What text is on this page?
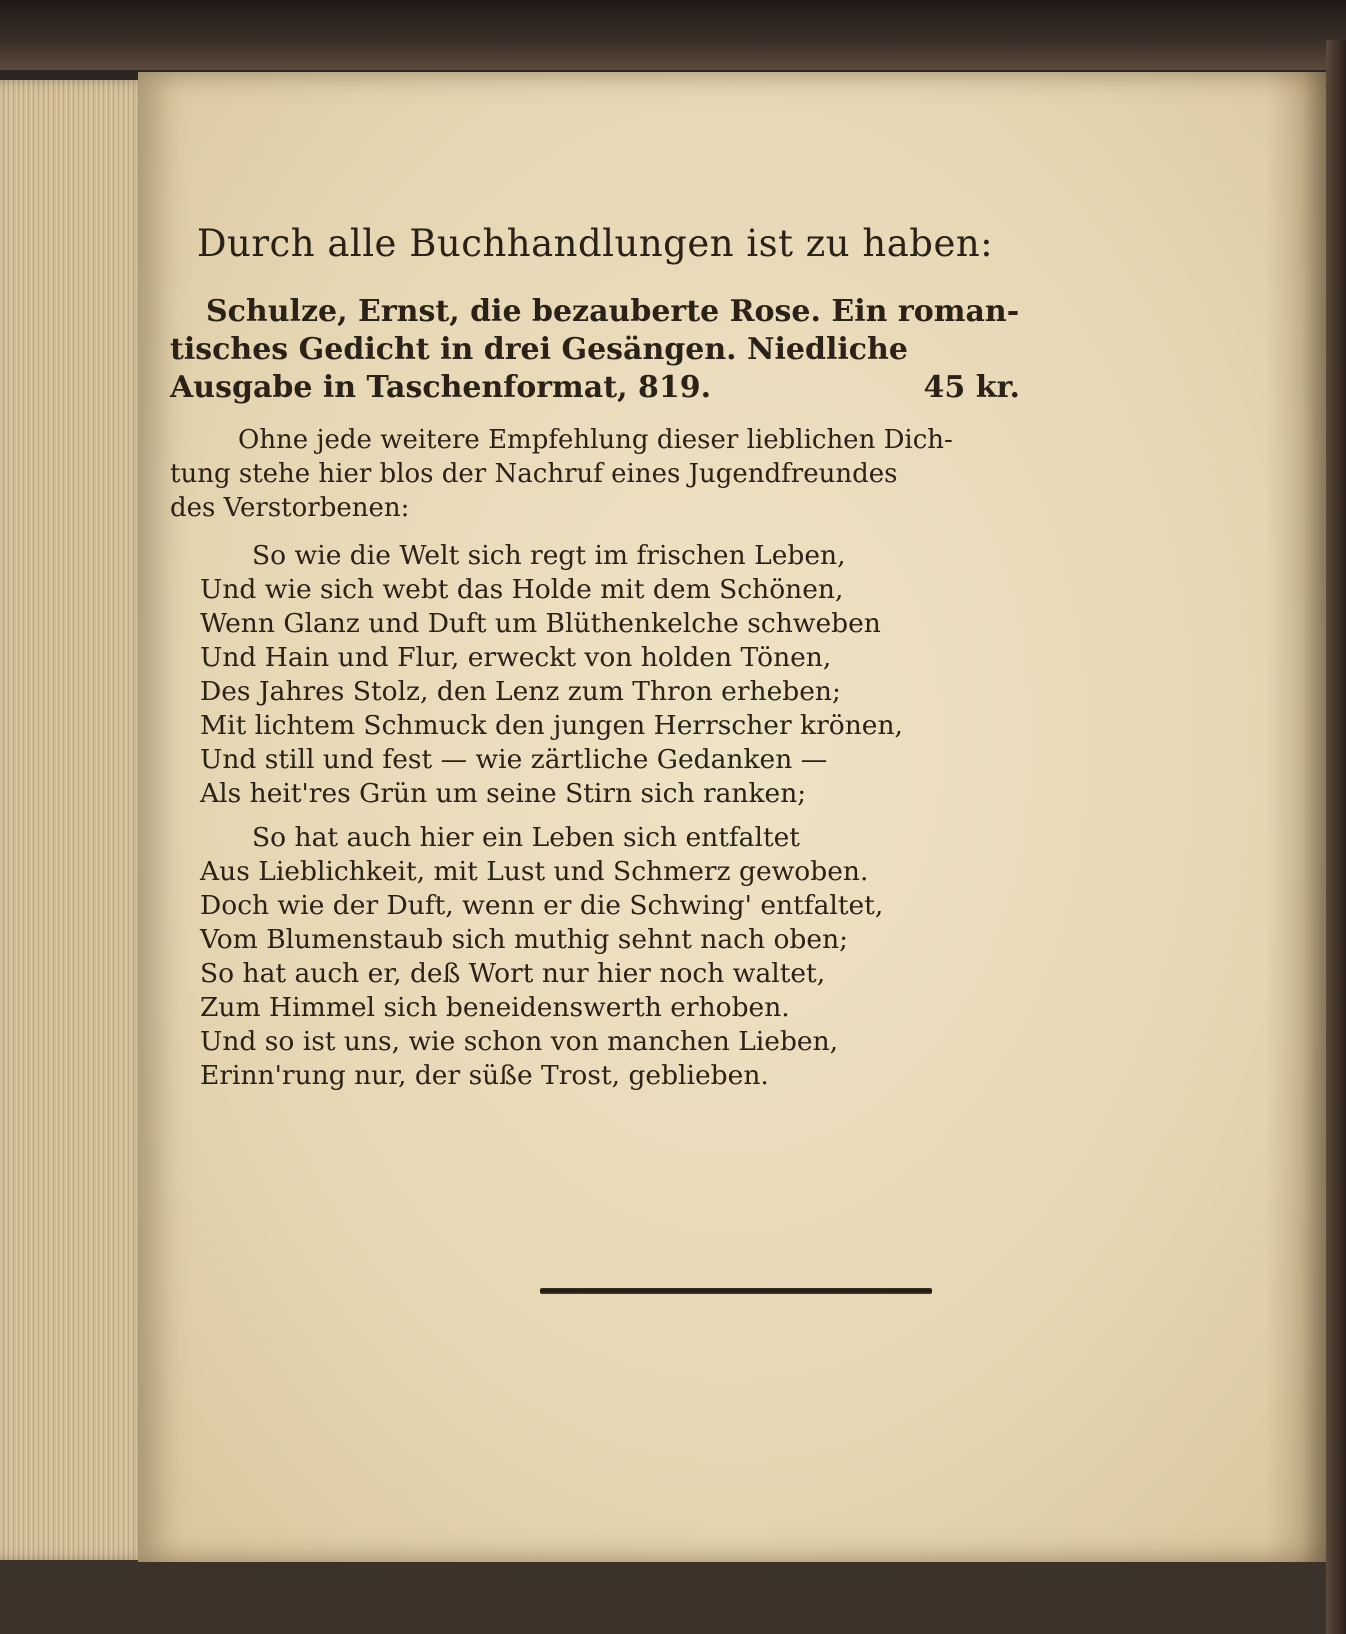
Durch alle Buchhandlungen ist zu haben:
Schulze, Ernst, die bezauberte Rose. Ein roman-
tisches Gedicht in drei Gesängen. Niedliche
Ausgabe in Taschenformat, 819.	45 kr.
Ohne jede weitere Empfehlung dieser lieblichen Dich-
tung stehe hier blos der Nachruf eines Jugendfreundes
des Verstorbenen:
So wie die Welt sich regt im frischen Leben,
Und wie sich webt das Holde mit dem Schönen,
Wenn Glanz und Duft um Blüthenkelche schweben
Und Hain und Flur, erweckt von holden Tönen,
Des Jahres Stolz, den Lenz zum Thron erheben;
Mit lichtem Schmuck den jungen Herrscher krönen,
Und still und fest — wie zärtliche Gedanken —
Als heit'res Grün um seine Stirn sich ranken;
So hat auch hier ein Leben sich entfaltet
Aus Lieblichkeit, mit Lust und Schmerz gewoben.
Doch wie der Duft, wenn er die Schwing' entfaltet,
Vom Blumenstaub sich muthig sehnt nach oben;
So hat auch er, deß Wort nur hier noch waltet,
Zum Himmel sich beneidenswerth erhoben.
Und so ist uns, wie schon von manchen Lieben,
Erinn'rung nur, der süße Trost, geblieben.
